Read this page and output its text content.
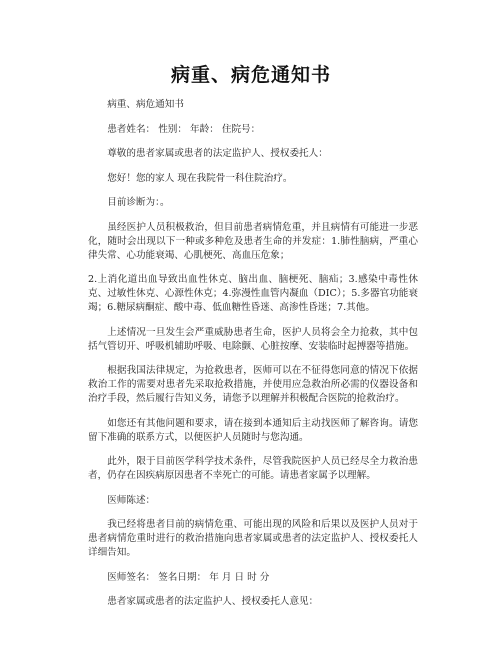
病重、病危通知书

病重、病危通知书

患者姓名： 性别： 年龄： 住院号：

尊敬的患者家属或患者的法定监护人、授权委托人：

您好！您的家人 现在我院骨一科住院治疗。

目前诊断为：。

虽经医护人员积极救治，但目前患者病情危重，并且病情有可能进一步恶化，随时会出现以下一种或多种危及患者生命的并发症：1.肺性脑病，严重心律失常、心功能衰竭、心肌梗死、高血压危象；

2.上消化道出血导致出血性休克、脑出血、脑梗死、脑疝；3.感染中毒性休克、过敏性休克、心源性休克；4.弥漫性血管内凝血（DIC）；5.多器官功能衰竭；6.糖尿病酮症、酸中毒、低血糖性昏迷、高渗性昏迷；7.其他。

上述情况一旦发生会严重威胁患者生命，医护人员将会全力抢救，其中包括气管切开、呼吸机辅助呼吸、电除颤、心脏按摩、安装临时起搏器等措施。

根据我国法律规定，为抢救患者，医师可以在不征得您同意的情况下依据救治工作的需要对患者先采取抢救措施，并使用应急救治所必需的仪器设备和治疗手段，然后履行告知义务，请您予以理解并积极配合医院的抢救治疗。

如您还有其他问题和要求，请在接到本通知后主动找医师了解咨询。请您留下准确的联系方式，以便医护人员随时与您沟通。

此外，限于目前医学科学技术条件，尽管我院医护人员已经尽全力救治患者，仍存在因疾病原因患者不幸死亡的可能。请患者家属予以理解。

医师陈述：

我已经将患者目前的病情危重、可能出现的风险和后果以及医护人员对于患者病情危重时进行的救治措施向患者家属或患者的法定监护人、授权委托人详细告知。

医师签名： 签名日期： 年 月 日 时 分

患者家属或患者的法定监护人、授权委托人意见：
